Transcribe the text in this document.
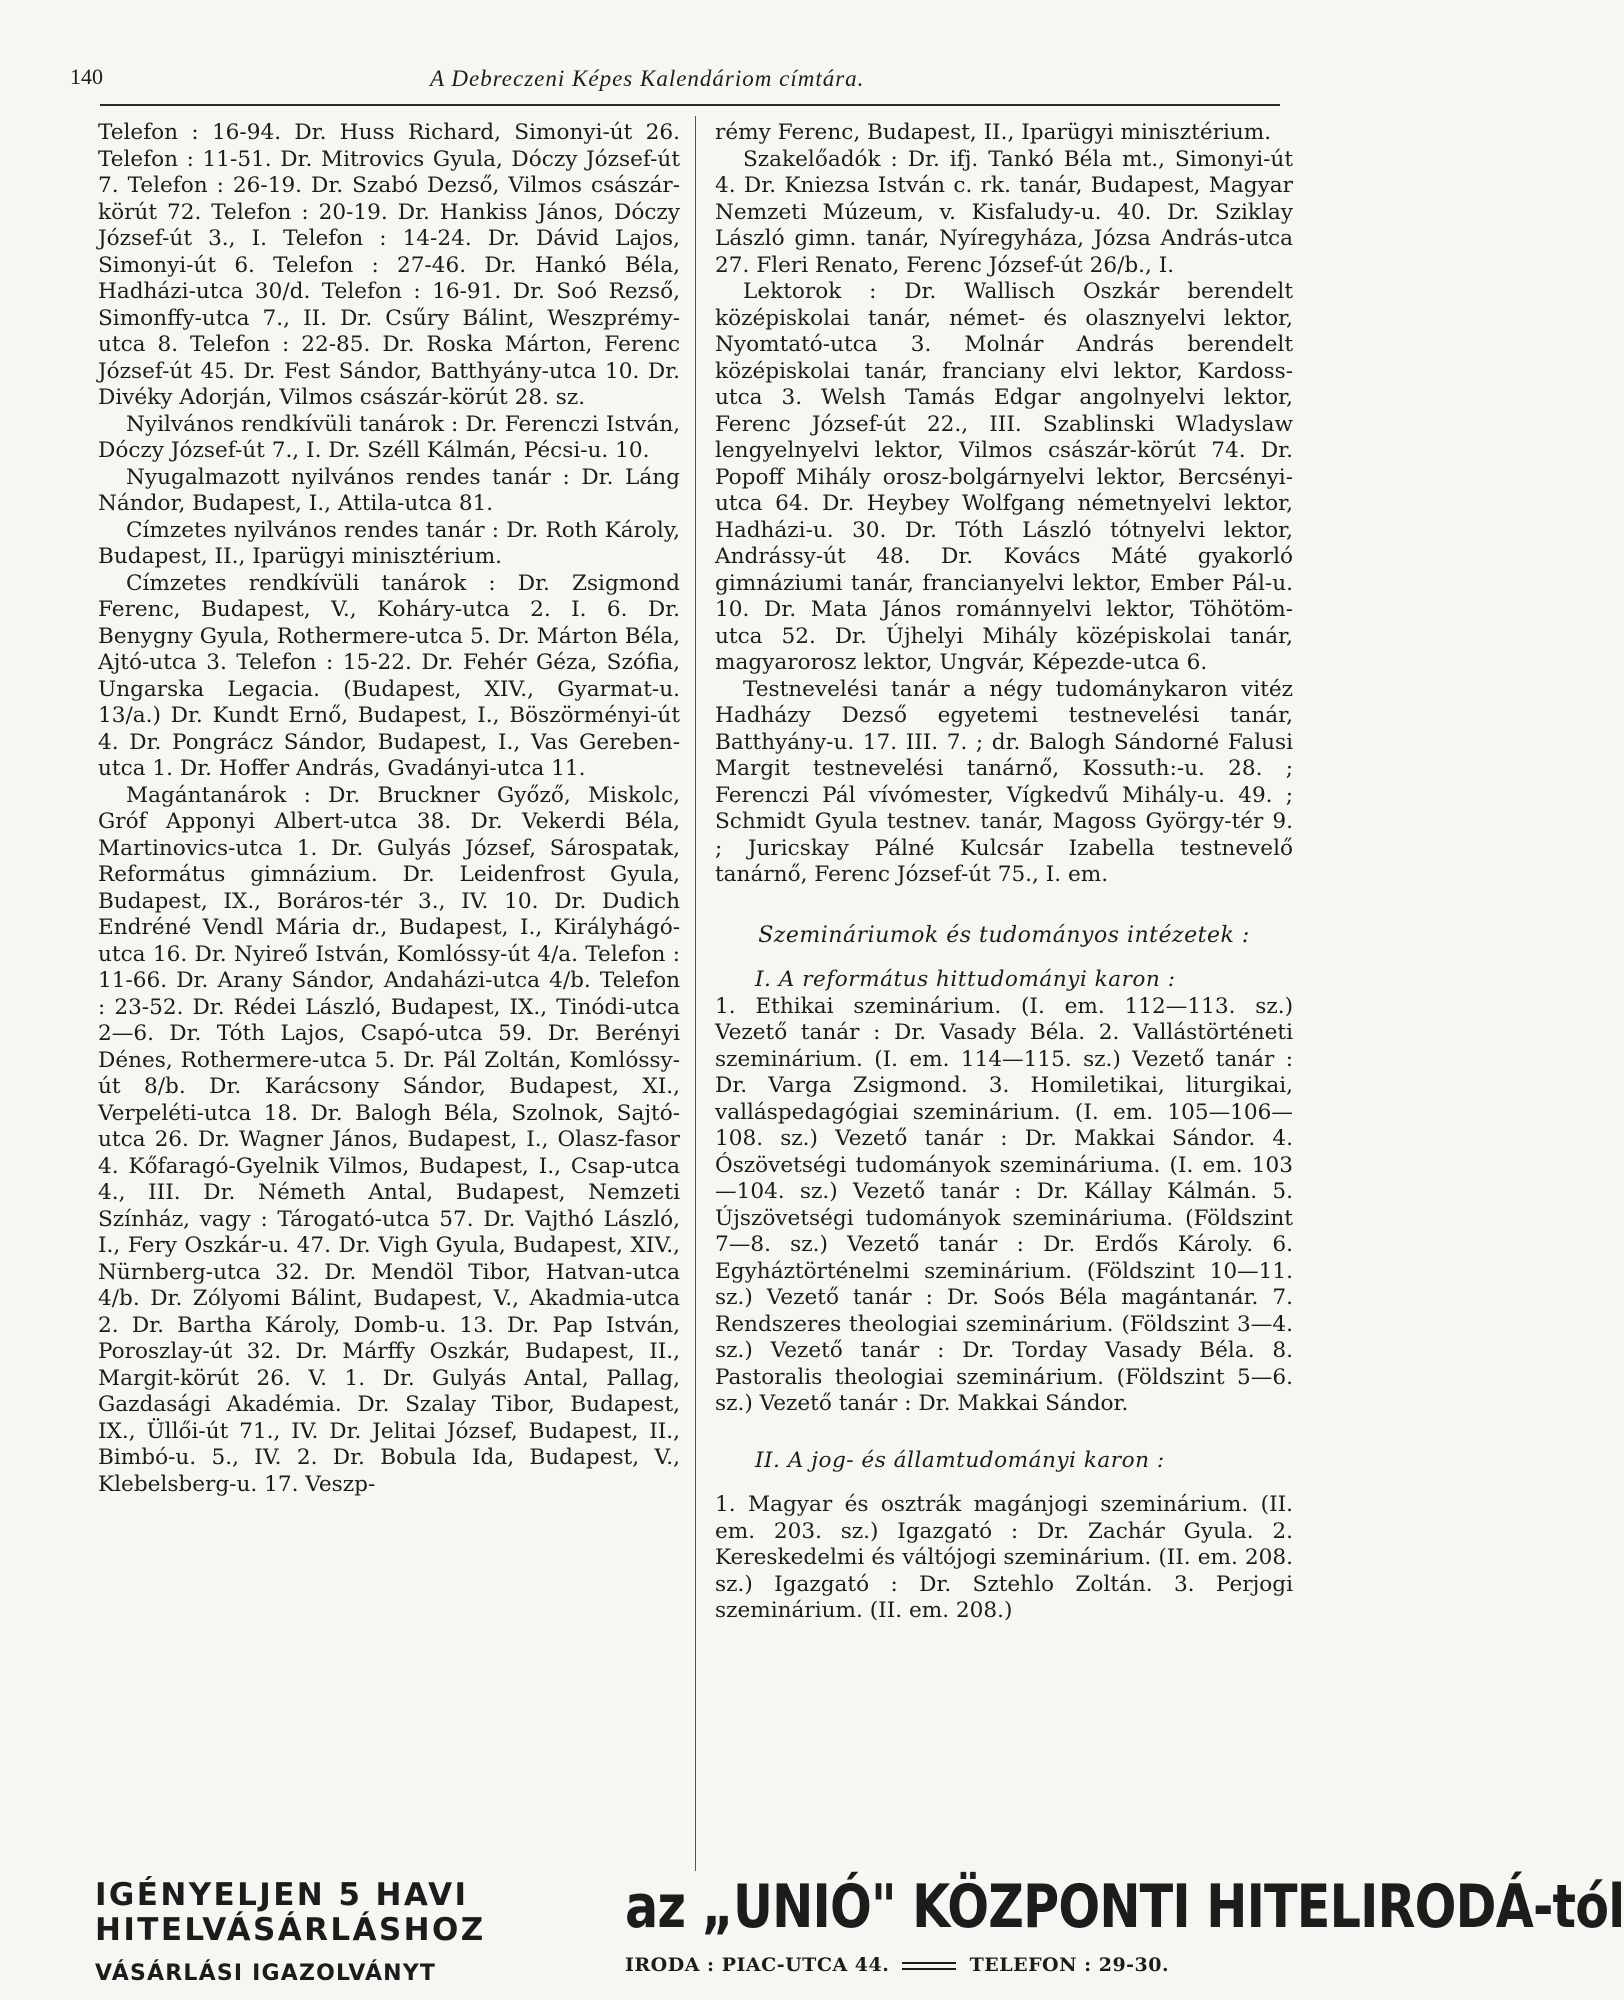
140	A Debreczeni Képes Kalendáriom címtára.

Telefon : 16-94. Dr. Huss Richard, Simonyi-út 26. Telefon : 11-51. Dr. Mitrovics Gyula, Dóczy József-út 7. Telefon : 26-19. Dr. Szabó Dezső, Vilmos császár-körút 72. Telefon : 20-19. Dr. Hankiss János, Dóczy József-út 3., I. Telefon : 14-24. Dr. Dávid Lajos, Simonyi-út 6. Telefon : 27-46. Dr. Hankó Béla, Hadházi-utca 30/d. Telefon : 16-91. Dr. Soó Rezső, Simonffy-utca 7., II. Dr. Csűry Bálint, Weszprémy-utca 8. Telefon : 22-85. Dr. Roska Márton, Ferenc József-út 45. Dr. Fest Sándor, Batthyány-utca 10. Dr. Divéky Adorján, Vilmos császár-körút 28. sz.

Nyilvános rendkívüli tanárok : Dr. Ferenczi István, Dóczy József-út 7., I. Dr. Széll Kálmán, Pécsi-u. 10.

Nyugalmazott nyilvános rendes tanár : Dr. Láng Nándor, Budapest, I., Attila-utca 81.

Címzetes nyilvános rendes tanár : Dr. Roth Károly, Budapest, II., Iparügyi minisztérium.

Címzetes rendkívüli tanárok : Dr. Zsigmond Ferenc, Budapest, V., Koháry-utca 2. I. 6. Dr. Benygny Gyula, Rothermere-utca 5. Dr. Márton Béla, Ajtó-utca 3. Telefon : 15-22. Dr. Fehér Géza, Szófia, Ungarska Legacia. (Budapest, XIV., Gyarmat-u. 13/a.) Dr. Kundt Ernő, Budapest, I., Böszörményi-út 4. Dr. Pongrácz Sándor, Budapest, I., Vas Gereben-utca 1. Dr. Hoffer András, Gvadányi-utca 11.

Magántanárok : Dr. Bruckner Győző, Miskolc, Gróf Apponyi Albert-utca 38. Dr. Vekerdi Béla, Martinovics-utca 1. Dr. Gulyás József, Sárospatak, Református gimnázium. Dr. Leidenfrost Gyula, Budapest, IX., Boráros-tér 3., IV. 10. Dr. Dudich Endréné Vendl Mária dr., Budapest, I., Királyhágó-utca 16. Dr. Nyireő István, Komlóssy-út 4/a. Telefon : 11-66. Dr. Arany Sándor, Andaházi-utca 4/b. Telefon : 23-52. Dr. Rédei László, Budapest, IX., Tinódi-utca 2—6. Dr. Tóth Lajos, Csapó-utca 59. Dr. Berényi Dénes, Rothermere-utca 5. Dr. Pál Zoltán, Komlóssy-út 8/b. Dr. Karácsony Sándor, Budapest, XI., Verpeléti-utca 18. Dr. Balogh Béla, Szolnok, Sajtó-utca 26. Dr. Wagner János, Budapest, I., Olasz-fasor 4. Kőfaragó-Gyelnik Vilmos, Budapest, I., Csap-utca 4., III. Dr. Németh Antal, Budapest, Nemzeti Színház, vagy : Tárogató-utca 57. Dr. Vajthó László, I., Fery Oszkár-u. 47. Dr. Vigh Gyula, Budapest, XIV., Nürnberg-utca 32. Dr. Mendöl Tibor, Hatvan-utca 4/b. Dr. Zólyomi Bálint, Budapest, V., Akadmia-utca 2. Dr. Bartha Károly, Domb-u. 13. Dr. Pap István, Poroszlay-út 32. Dr. Márffy Oszkár, Budapest, II., Margit-körút 26. V. 1. Dr. Gulyás Antal, Pallag, Gazdasági Akadémia. Dr. Szalay Tibor, Budapest, IX., Üllői-út 71., IV. Dr. Jelitai József, Budapest, II., Bimbó-u. 5., IV. 2. Dr. Bobula Ida, Budapest, V., Klebelsberg-u. 17. Veszp-

rémy Ferenc, Budapest, II., Iparügyi minisztérium.

Szakelőadók : Dr. ifj. Tankó Béla mt., Simonyi-út 4. Dr. Kniezsa István c. rk. tanár, Budapest, Magyar Nemzeti Múzeum, v. Kisfaludy-u. 40. Dr. Sziklay László gimn. tanár, Nyíregyháza, Józsa András-utca 27. Fleri Renato, Ferenc József-út 26/b., I.

Lektorok : Dr. Wallisch Oszkár berendelt középiskolai tanár, német- és olasznyelvi lektor, Nyomtató-utca 3. Molnár András berendelt középiskolai tanár, franciany elvi lektor, Kardoss-utca 3. Welsh Tamás Edgar angolnyelvi lektor, Ferenc József-út 22., III. Szablinski Wladyslaw lengyelnyelvi lektor, Vilmos császár-körút 74. Dr. Popoff Mihály orosz-bolgárnyelvi lektor, Bercsényi-utca 64. Dr. Heybey Wolfgang németnyelvi lektor, Hadházi-u. 30. Dr. Tóth László tótnyelvi lektor, Andrássy-út 48. Dr. Kovács Máté gyakorló gimnáziumi tanár, francianyelvi lektor, Ember Pál-u. 10. Dr. Mata János románnyelvi lektor, Töhötöm-utca 52. Dr. Újhelyi Mihály középiskolai tanár, magyarorosz lektor, Ungvár, Képezde-utca 6.

Testnevelési tanár a négy tudománykaron vitéz Hadházy Dezső egyetemi testnevelési tanár, Batthyány-u. 17. III. 7. ; dr. Balogh Sándorné Falusi Margit testnevelési tanárnő, Kossuth:-u. 28. ; Ferenczi Pál vívómester, Vígkedvű Mihály-u. 49. ; Schmidt Gyula testnev. tanár, Magoss György-tér 9. ; Juricskay Pálné Kulcsár Izabella testnevelő tanárnő, Ferenc József-út 75., I. em.

Szemináriumok és tudományos intézetek :

I. A református hittudományi karon :

1. Ethikai szeminárium. (I. em. 112—113. sz.) Vezető tanár : Dr. Vasady Béla. 2. Vallástörténeti szeminárium. (I. em. 114—115. sz.) Vezető tanár : Dr. Varga Zsigmond. 3. Homiletikai, liturgikai, valláspedagógiai szeminárium. (I. em. 105—106—108. sz.) Vezető tanár : Dr. Makkai Sándor. 4. Ószövetségi tudományok szemináriuma. (I. em. 103—104. sz.) Vezető tanár : Dr. Kállay Kálmán. 5. Újszövetségi tudományok szemináriuma. (Földszint 7—8. sz.) Vezető tanár : Dr. Erdős Károly. 6. Egyháztörténelmi szeminárium. (Földszint 10—11. sz.) Vezető tanár : Dr. Soós Béla magántanár. 7. Rendszeres theologiai szeminárium. (Földszint 3—4. sz.) Vezető tanár : Dr. Torday Vasady Béla. 8. Pastoralis theologiai szeminárium. (Földszint 5—6. sz.) Vezető tanár : Dr. Makkai Sándor.

II. A jog- és államtudományi karon :

1. Magyar és osztrák magánjogi szeminárium. (II. em. 203. sz.) Igazgató : Dr. Zachár Gyula. 2. Kereskedelmi és váltójogi szeminárium. (II. em. 208. sz.) Igazgató : Dr. Sztehlo Zoltán. 3. Perjogi szeminárium. (II. em. 208.)

IGÉNYELJEN 5 HAVI
HITELVÁSÁRLÁSHOZ
VÁSÁRLÁSI IGAZOLVÁNYT
az „UNIÓ" KÖZPONTI HITELIRODÁ-tól
IRODA : PIAC-UTCA 44.	TELEFON : 29-30.
